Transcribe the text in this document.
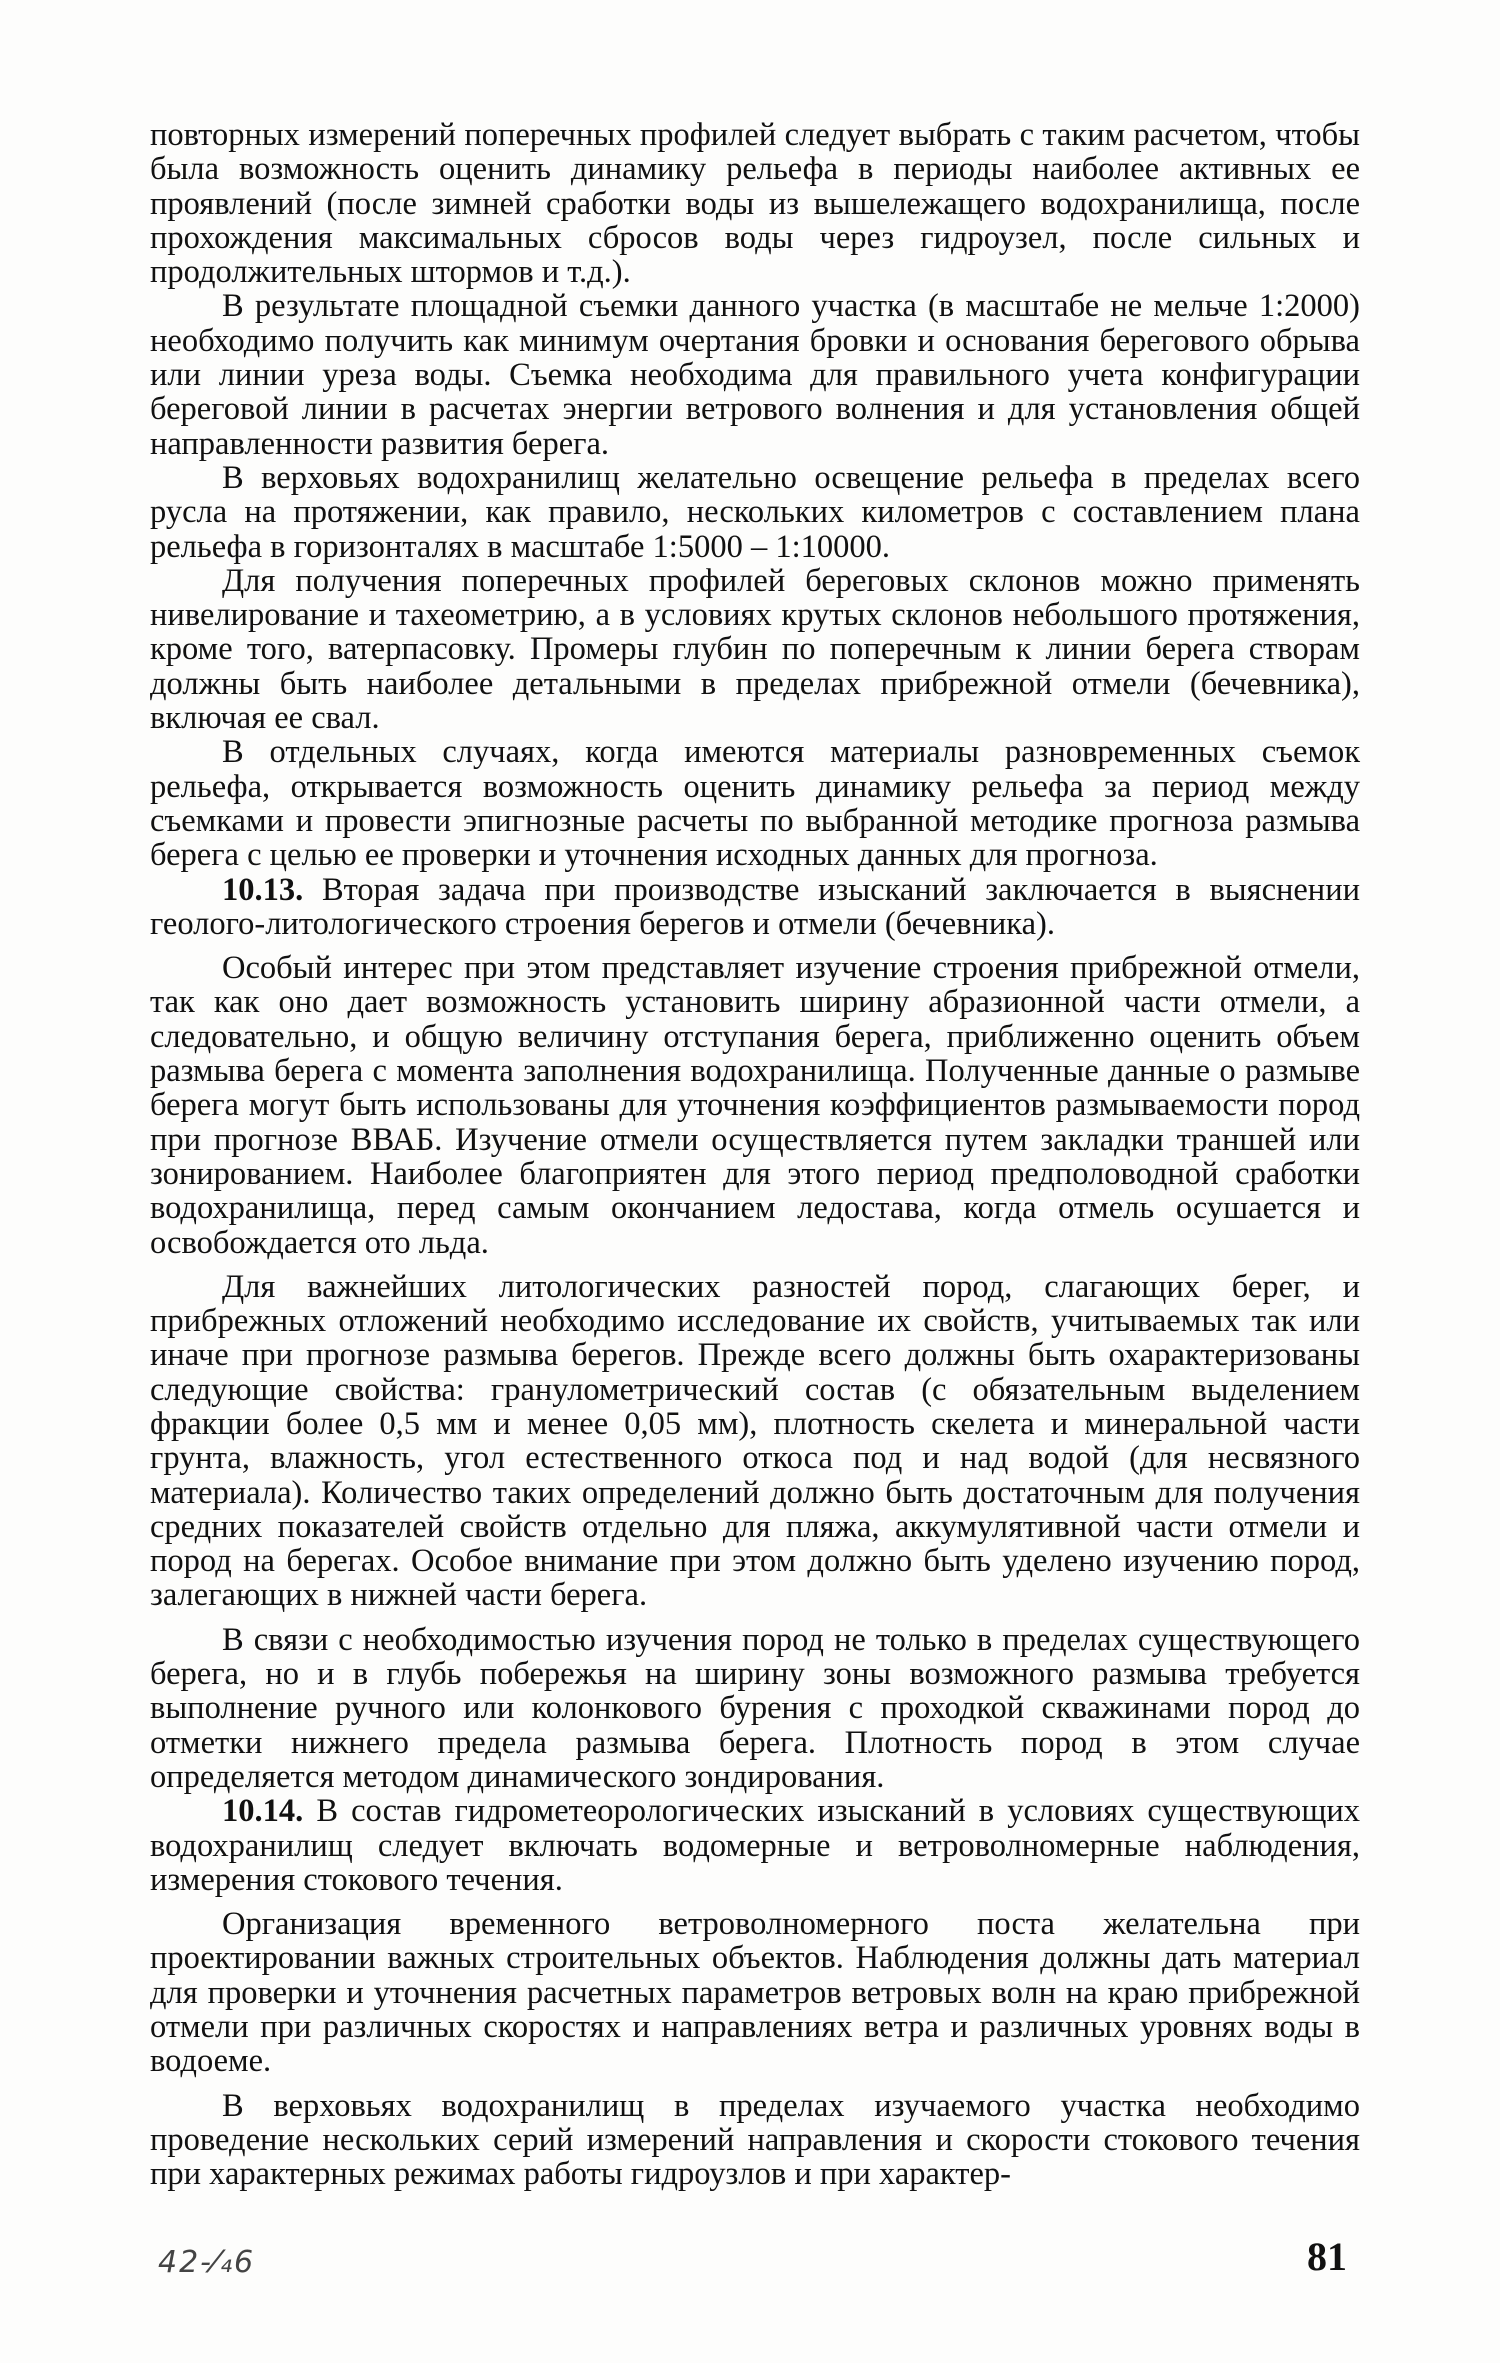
повторных измерений поперечных профилей следует выбрать с таким расчетом, чтобы была возможность оценить динамику рельефа в периоды наиболее активных ее проявлений (после зимней сработки воды из вышележащего водохранилища, после прохождения максимальных сбросов воды через гидроузел, после сильных и продолжительных штормов и т.д.).

В результате площадной съемки данного участка (в масштабе не мельче 1:2000) необходимо получить как минимум очертания бровки и основания берегового обрыва или линии уреза воды. Съемка необходима для правильного учета конфигурации береговой линии в расчетах энергии ветрового волнения и для установления общей направленности развития берега.

В верховьях водохранилищ желательно освещение рельефа в пределах всего русла на протяжении, как правило, нескольких километров с составлением плана рельефа в горизонталях в масштабе 1:5000 – 1:10000.

Для получения поперечных профилей береговых склонов можно применять нивелирование и тахеометрию, а в условиях крутых склонов небольшого протяжения, кроме того, ватерпасовку. Промеры глубин по поперечным к линии берега створам должны быть наиболее детальными в пределах прибрежной отмели (бечевника), включая ее свал.

В отдельных случаях, когда имеются материалы разновременных съемок рельефа, открывается возможность оценить динамику рельефа за период между съемками и провести эпигнозные расчеты по выбранной методике прогноза размыва берега с целью ее проверки и уточнения исходных данных для прогноза.

10.13. Вторая задача при производстве изысканий заключается в выяснении геолого-литологического строения берегов и отмели (бечевника).

Особый интерес при этом представляет изучение строения прибрежной отмели, так как оно дает возможность установить ширину абразионной части отмели, а следовательно, и общую величину отступания берега, приближенно оценить объем размыва берега с момента заполнения водохранилища. Полученные данные о размыве берега могут быть использованы для уточнения коэффициентов размываемости пород при прогнозе ВВАБ. Изучение отмели осуществляется путем закладки траншей или зонированием. Наиболее благоприятен для этого период предполоводной сработки водохранилища, перед самым окончанием ледостава, когда отмель осушается и освобождается ото льда.

Для важнейших литологических разностей пород, слагающих берег, и прибрежных отложений необходимо исследование их свойств, учитываемых так или иначе при прогнозе размыва берегов. Прежде всего должны быть охарактеризованы следующие свойства: гранулометрический состав (с обязательным выделением фракции более 0,5 мм и менее 0,05 мм), плотность скелета и минеральной части грунта, влажность, угол естественного откоса под и над водой (для несвязного материала). Количество таких определений должно быть достаточным для получения средних показателей свойств отдельно для пляжа, аккумулятивной части отмели и пород на берегах. Особое внимание при этом должно быть уделено изучению пород, залегающих в нижней части берега.

В связи с необходимостью изучения пород не только в пределах существующего берега, но и в глубь побережья на ширину зоны возможного размыва требуется выполнение ручного или колонкового бурения с проходкой скважинами пород до отметки нижнего предела размыва берега. Плотность пород в этом случае определяется методом динамического зондирования.

10.14. В состав гидрометеорологических изысканий в условиях существующих водохранилищ следует включать водомерные и ветроволномерные наблюдения, измерения стокового течения.

Организация временного ветроволномерного поста желательна при проектировании важных строительных объектов. Наблюдения должны дать материал для проверки и уточнения расчетных параметров ветровых волн на краю прибрежной отмели при различных скоростях и направлениях ветра и различных уровнях воды в водоеме.

В верховьях водохранилищ в пределах изучаемого участка необходимо проведение нескольких серий измерений направления и скорости стокового течения при характерных режимах работы гидроузлов и при характер-

42-⁄₄6	81
